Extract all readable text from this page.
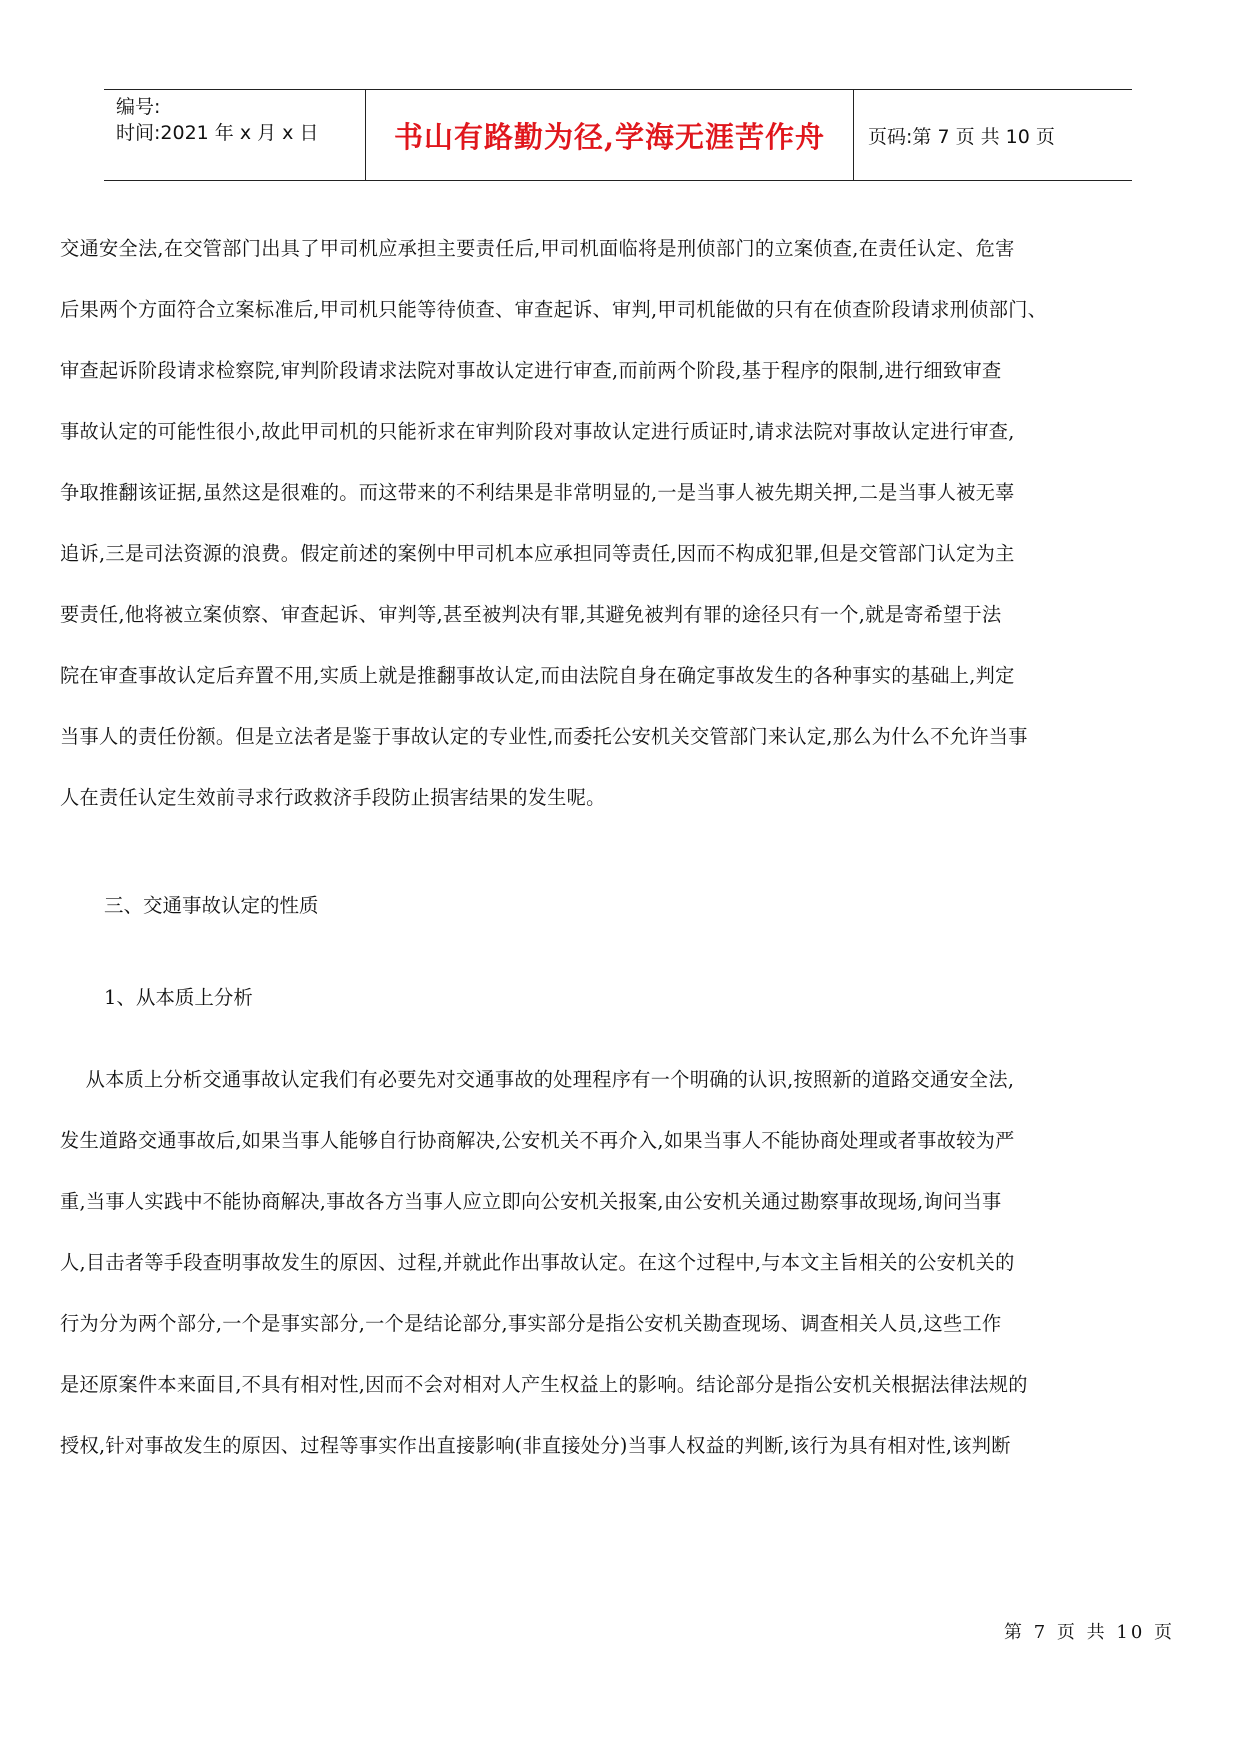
编号:
时间:2021 年 x 月 x 日	书山有路勤为径,学海无涯苦作舟	页码:第 7 页 共 10 页
交通安全法,在交管部门出具了甲司机应承担主要责任后,甲司机面临将是刑侦部门的立案侦查,在责任认定、危害
后果两个方面符合立案标准后,甲司机只能等待侦查、审查起诉、审判,甲司机能做的只有在侦查阶段请求刑侦部门、
审查起诉阶段请求检察院,审判阶段请求法院对事故认定进行审查,而前两个阶段,基于程序的限制,进行细致审查
事故认定的可能性很小,故此甲司机的只能祈求在审判阶段对事故认定进行质证时,请求法院对事故认定进行审查,
争取推翻该证据,虽然这是很难的。而这带来的不利结果是非常明显的,一是当事人被先期关押,二是当事人被无辜
追诉,三是司法资源的浪费。假定前述的案例中甲司机本应承担同等责任,因而不构成犯罪,但是交管部门认定为主
要责任,他将被立案侦察、审查起诉、审判等,甚至被判决有罪,其避免被判有罪的途径只有一个,就是寄希望于法
院在审查事故认定后弃置不用,实质上就是推翻事故认定,而由法院自身在确定事故发生的各种事实的基础上,判定
当事人的责任份额。但是立法者是鉴于事故认定的专业性,而委托公安机关交管部门来认定,那么为什么不允许当事
人在责任认定生效前寻求行政救济手段防止损害结果的发生呢。
三、交通事故认定的性质
1、从本质上分析
从本质上分析交通事故认定我们有必要先对交通事故的处理程序有一个明确的认识,按照新的道路交通安全法,
发生道路交通事故后,如果当事人能够自行协商解决,公安机关不再介入,如果当事人不能协商处理或者事故较为严
重,当事人实践中不能协商解决,事故各方当事人应立即向公安机关报案,由公安机关通过勘察事故现场,询问当事
人,目击者等手段查明事故发生的原因、过程,并就此作出事故认定。在这个过程中,与本文主旨相关的公安机关的
行为分为两个部分,一个是事实部分,一个是结论部分,事实部分是指公安机关勘查现场、调查相关人员,这些工作
是还原案件本来面目,不具有相对性,因而不会对相对人产生权益上的影响。结论部分是指公安机关根据法律法规的
授权,针对事故发生的原因、过程等事实作出直接影响(非直接处分)当事人权益的判断,该行为具有相对性,该判断
第 7 页 共 10 页
